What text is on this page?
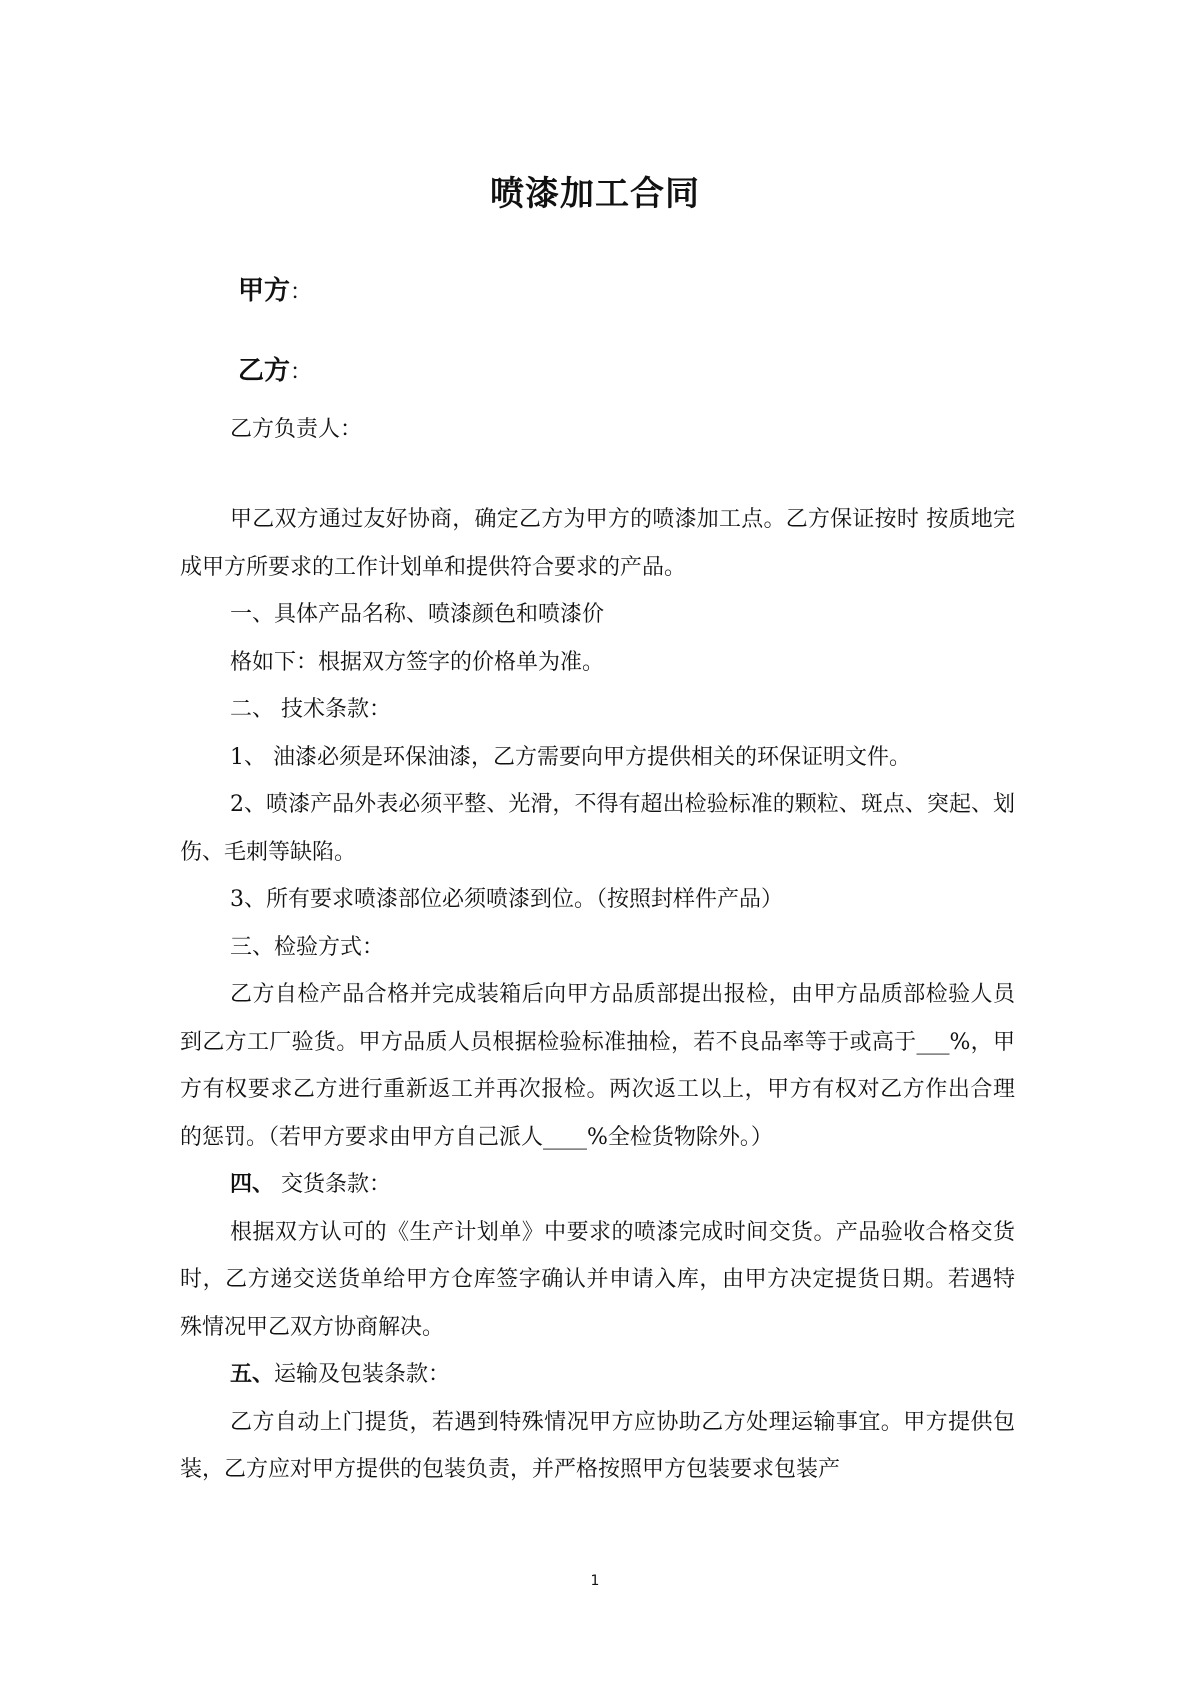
喷漆加工合同

甲方：

乙方：

乙方负责人：

甲乙双方通过友好协商，确定乙方为甲方的喷漆加工点。乙方保证按时 按质地完成甲方所要求的工作计划单和提供符合要求的产品。

一、具体产品名称、喷漆颜色和喷漆价

格如下：根据双方签字的价格单为准。

二、 技术条款：

1、 油漆必须是环保油漆，乙方需要向甲方提供相关的环保证明文件。

2、喷漆产品外表必须平整、光滑，不得有超出检验标准的颗粒、斑点、突起、划伤、毛刺等缺陷。

3、所有要求喷漆部位必须喷漆到位。（按照封样件产品）

三、检验方式：

乙方自检产品合格并完成装箱后向甲方品质部提出报检，由甲方品质部检验人员到乙方工厂验货。甲方品质人员根据检验标准抽检，若不良品率等于或高于___%，甲方有权要求乙方进行重新返工并再次报检。两次返工以上，甲方有权对乙方作出合理的惩罚。（若甲方要求由甲方自己派人____%全检货物除外。）

四、 交货条款：

根据双方认可的《生产计划单》中要求的喷漆完成时间交货。产品验收合格交货时，乙方递交送货单给甲方仓库签字确认并申请入库，由甲方决定提货日期。若遇特殊情况甲乙双方协商解决。

五、运输及包装条款：

乙方自动上门提货，若遇到特殊情况甲方应协助乙方处理运输事宜。甲方提供包装，乙方应对甲方提供的包装负责，并严格按照甲方包装要求包装产

1
